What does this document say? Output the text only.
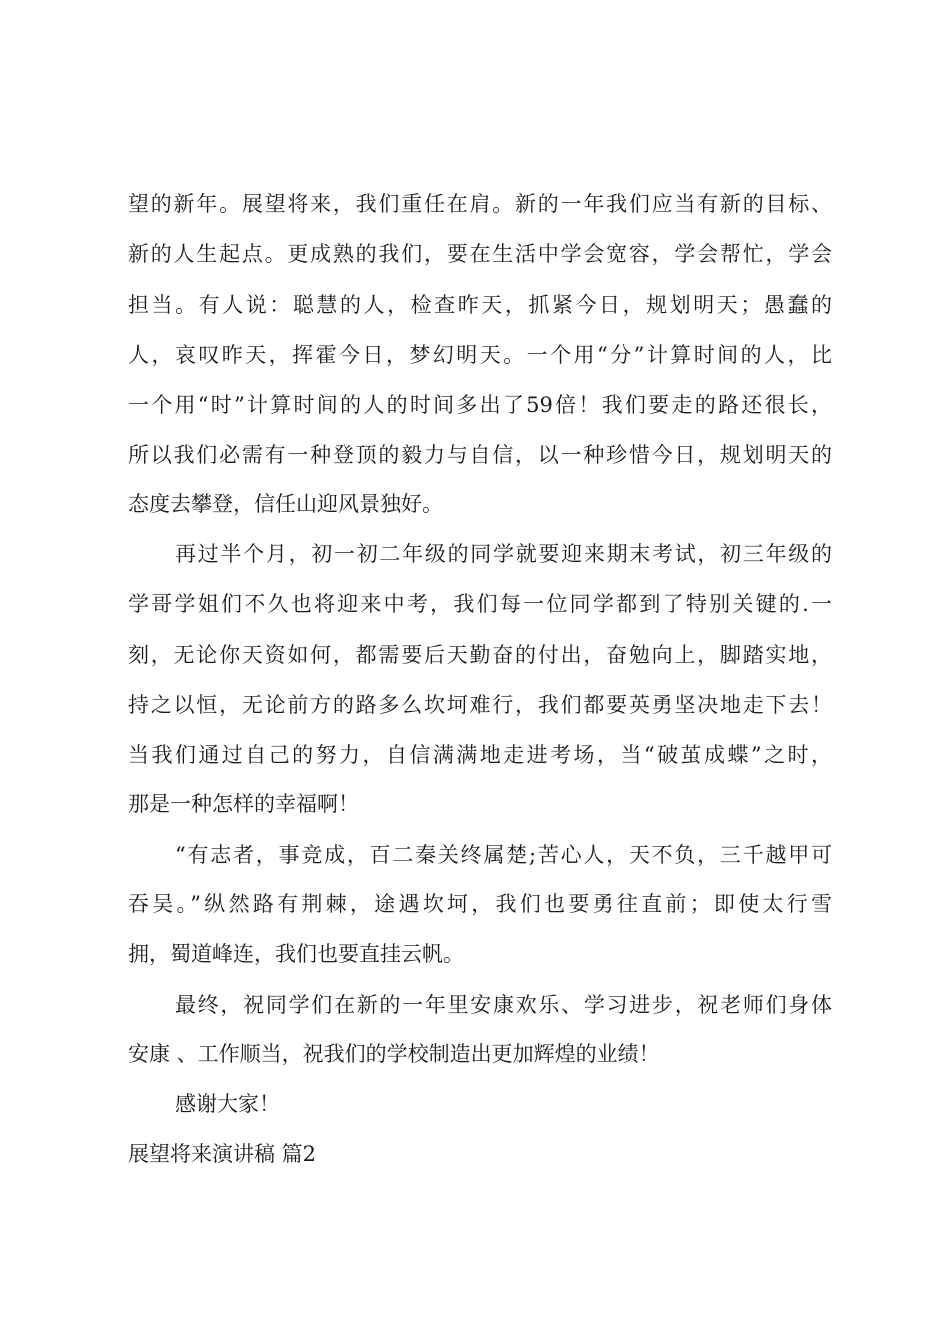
望的新年。展望将来，我们重任在肩。新的一年我们应当有新的目标、
新的人生起点。更成熟的我们，要在生活中学会宽容，学会帮忙，学会
担当。有人说：聪慧的人，检查昨天，抓紧今日，规划明天；愚蠢的
人，哀叹昨天，挥霍今日，梦幻明天。一个用“分”计算时间的人，比
一个用“时”计算时间的人的时间多出了59倍！我们要走的路还很长，
所以我们必需有一种登顶的毅力与自信，以一种珍惜今日，规划明天的
态度去攀登，信任山迎风景独好。
再过半个月，初一初二年级的同学就要迎来期末考试，初三年级的
学哥学姐们不久也将迎来中考，我们每一位同学都到了特别关键的.一
刻，无论你天资如何，都需要后天勤奋的付出，奋勉向上，脚踏实地，
持之以恒，无论前方的路多么坎坷难行，我们都要英勇坚决地走下去！
当我们通过自己的努力，自信满满地走进考场，当“破茧成蝶”之时，
那是一种怎样的幸福啊！
“有志者，事竞成，百二秦关终属楚;苦心人，天不负，三千越甲可
吞吴。”纵然路有荆棘，途遇坎坷，我们也要勇往直前；即使太行雪
拥，蜀道峰连，我们也要直挂云帆。
最终，祝同学们在新的一年里安康欢乐、学习进步，祝老师们身体
安康 、工作顺当，祝我们的学校制造出更加辉煌的业绩！
感谢大家！
展望将来演讲稿 篇2
